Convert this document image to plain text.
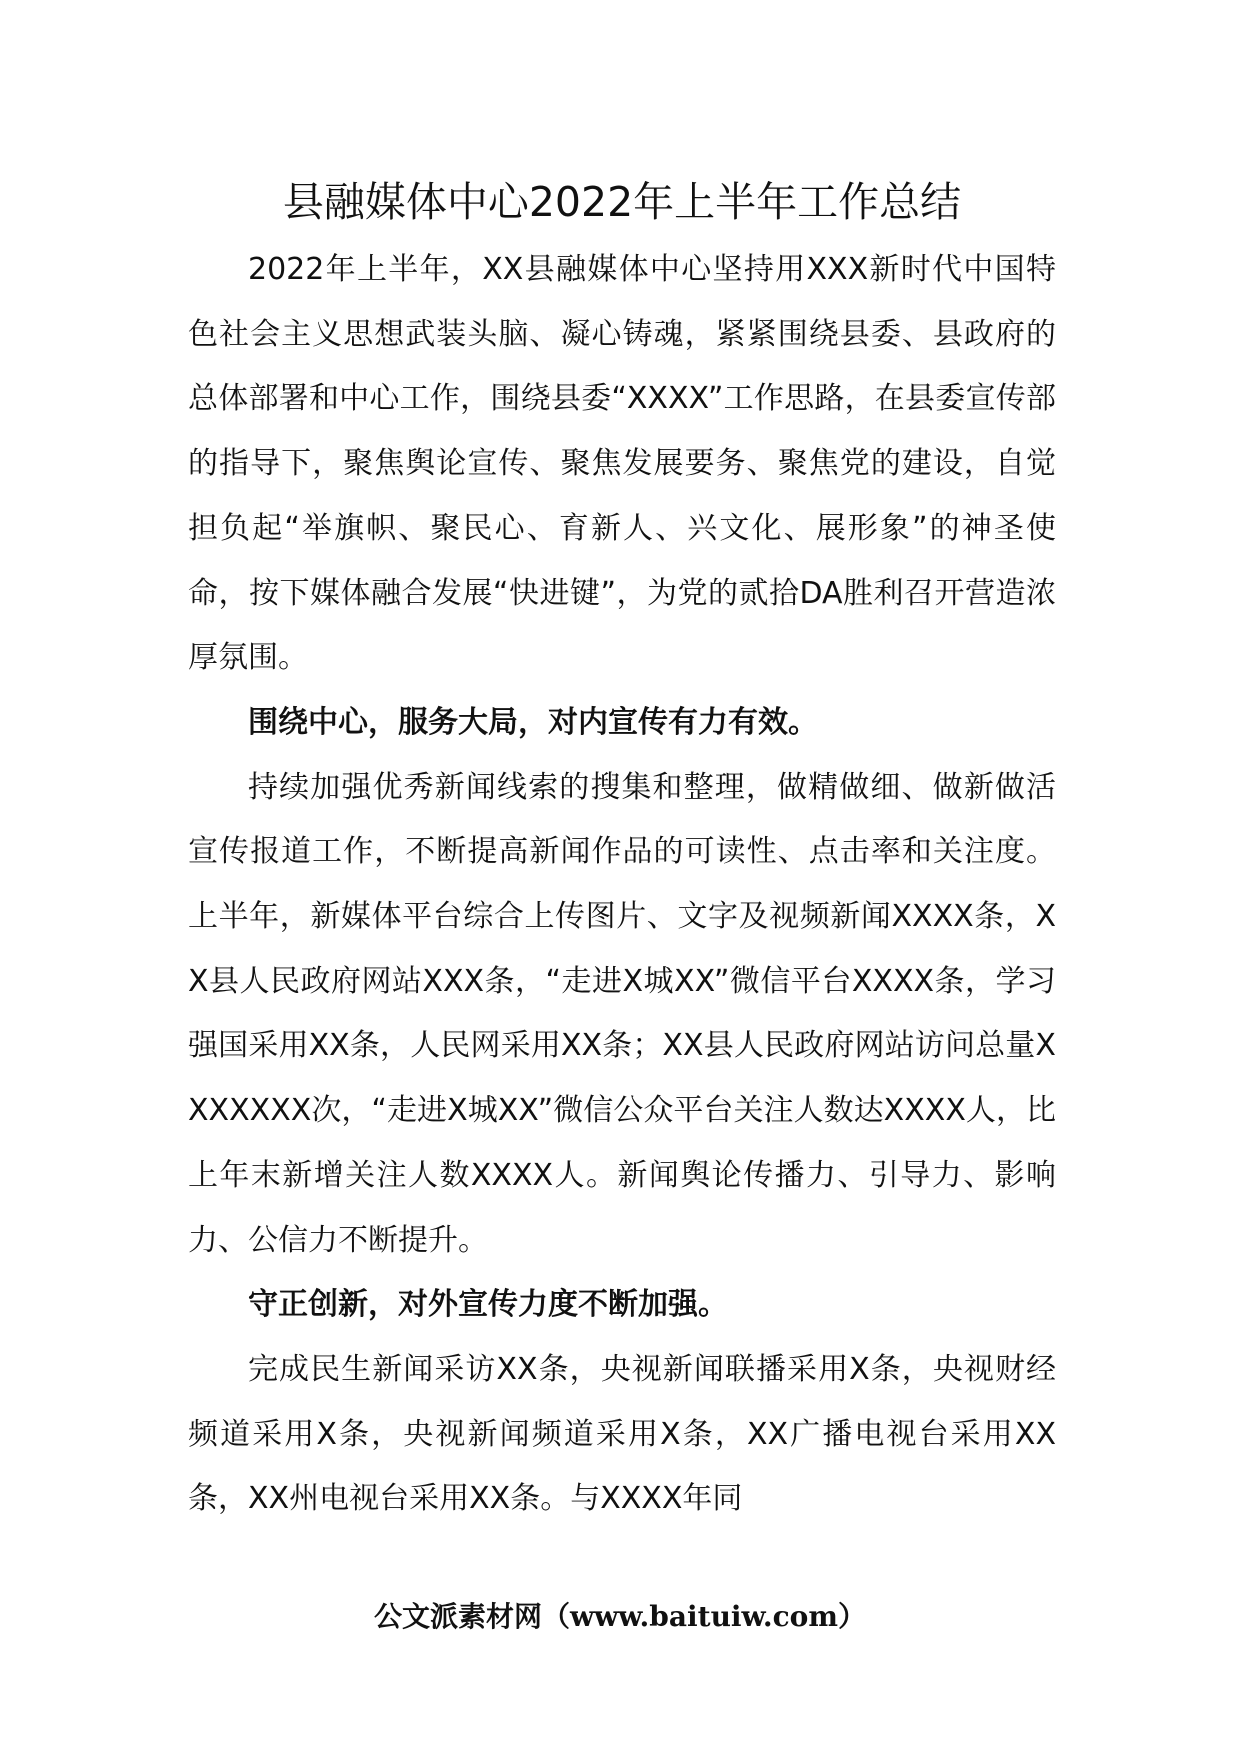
县融媒体中心2022年上半年工作总结

2022年上半年，XX县融媒体中心坚持用XXX新时代中国特色社会主义思想武装头脑、凝心铸魂，紧紧围绕县委、县政府的总体部署和中心工作，围绕县委“XXXX”工作思路，在县委宣传部的指导下，聚焦舆论宣传、聚焦发展要务、聚焦党的建设，自觉担负起“举旗帜、聚民心、育新人、兴文化、展形象”的神圣使命，按下媒体融合发展“快进键”，为党的贰拾DA胜利召开营造浓厚氛围。

围绕中心，服务大局，对内宣传有力有效。

持续加强优秀新闻线索的搜集和整理，做精做细、做新做活宣传报道工作，不断提高新闻作品的可读性、点击率和关注度。上半年，新媒体平台综合上传图片、文字及视频新闻XXXX条，XX县人民政府网站XXX条，“走进X城XX”微信平台XXXX条，学习强国采用XX条，人民网采用XX条；XX县人民政府网站访问总量XXXXXXX次，“走进X城XX”微信公众平台关注人数达XXXX人，比上年末新增关注人数XXXX人。新闻舆论传播力、引导力、影响力、公信力不断提升。

守正创新，对外宣传力度不断加强。

完成民生新闻采访XX条，央视新闻联播采用X条，央视财经频道采用X条，央视新闻频道采用X条，XX广播电视台采用XX条，XX州电视台采用XX条。与XXXX年同

公文派素材网（www.baituiw.com）
